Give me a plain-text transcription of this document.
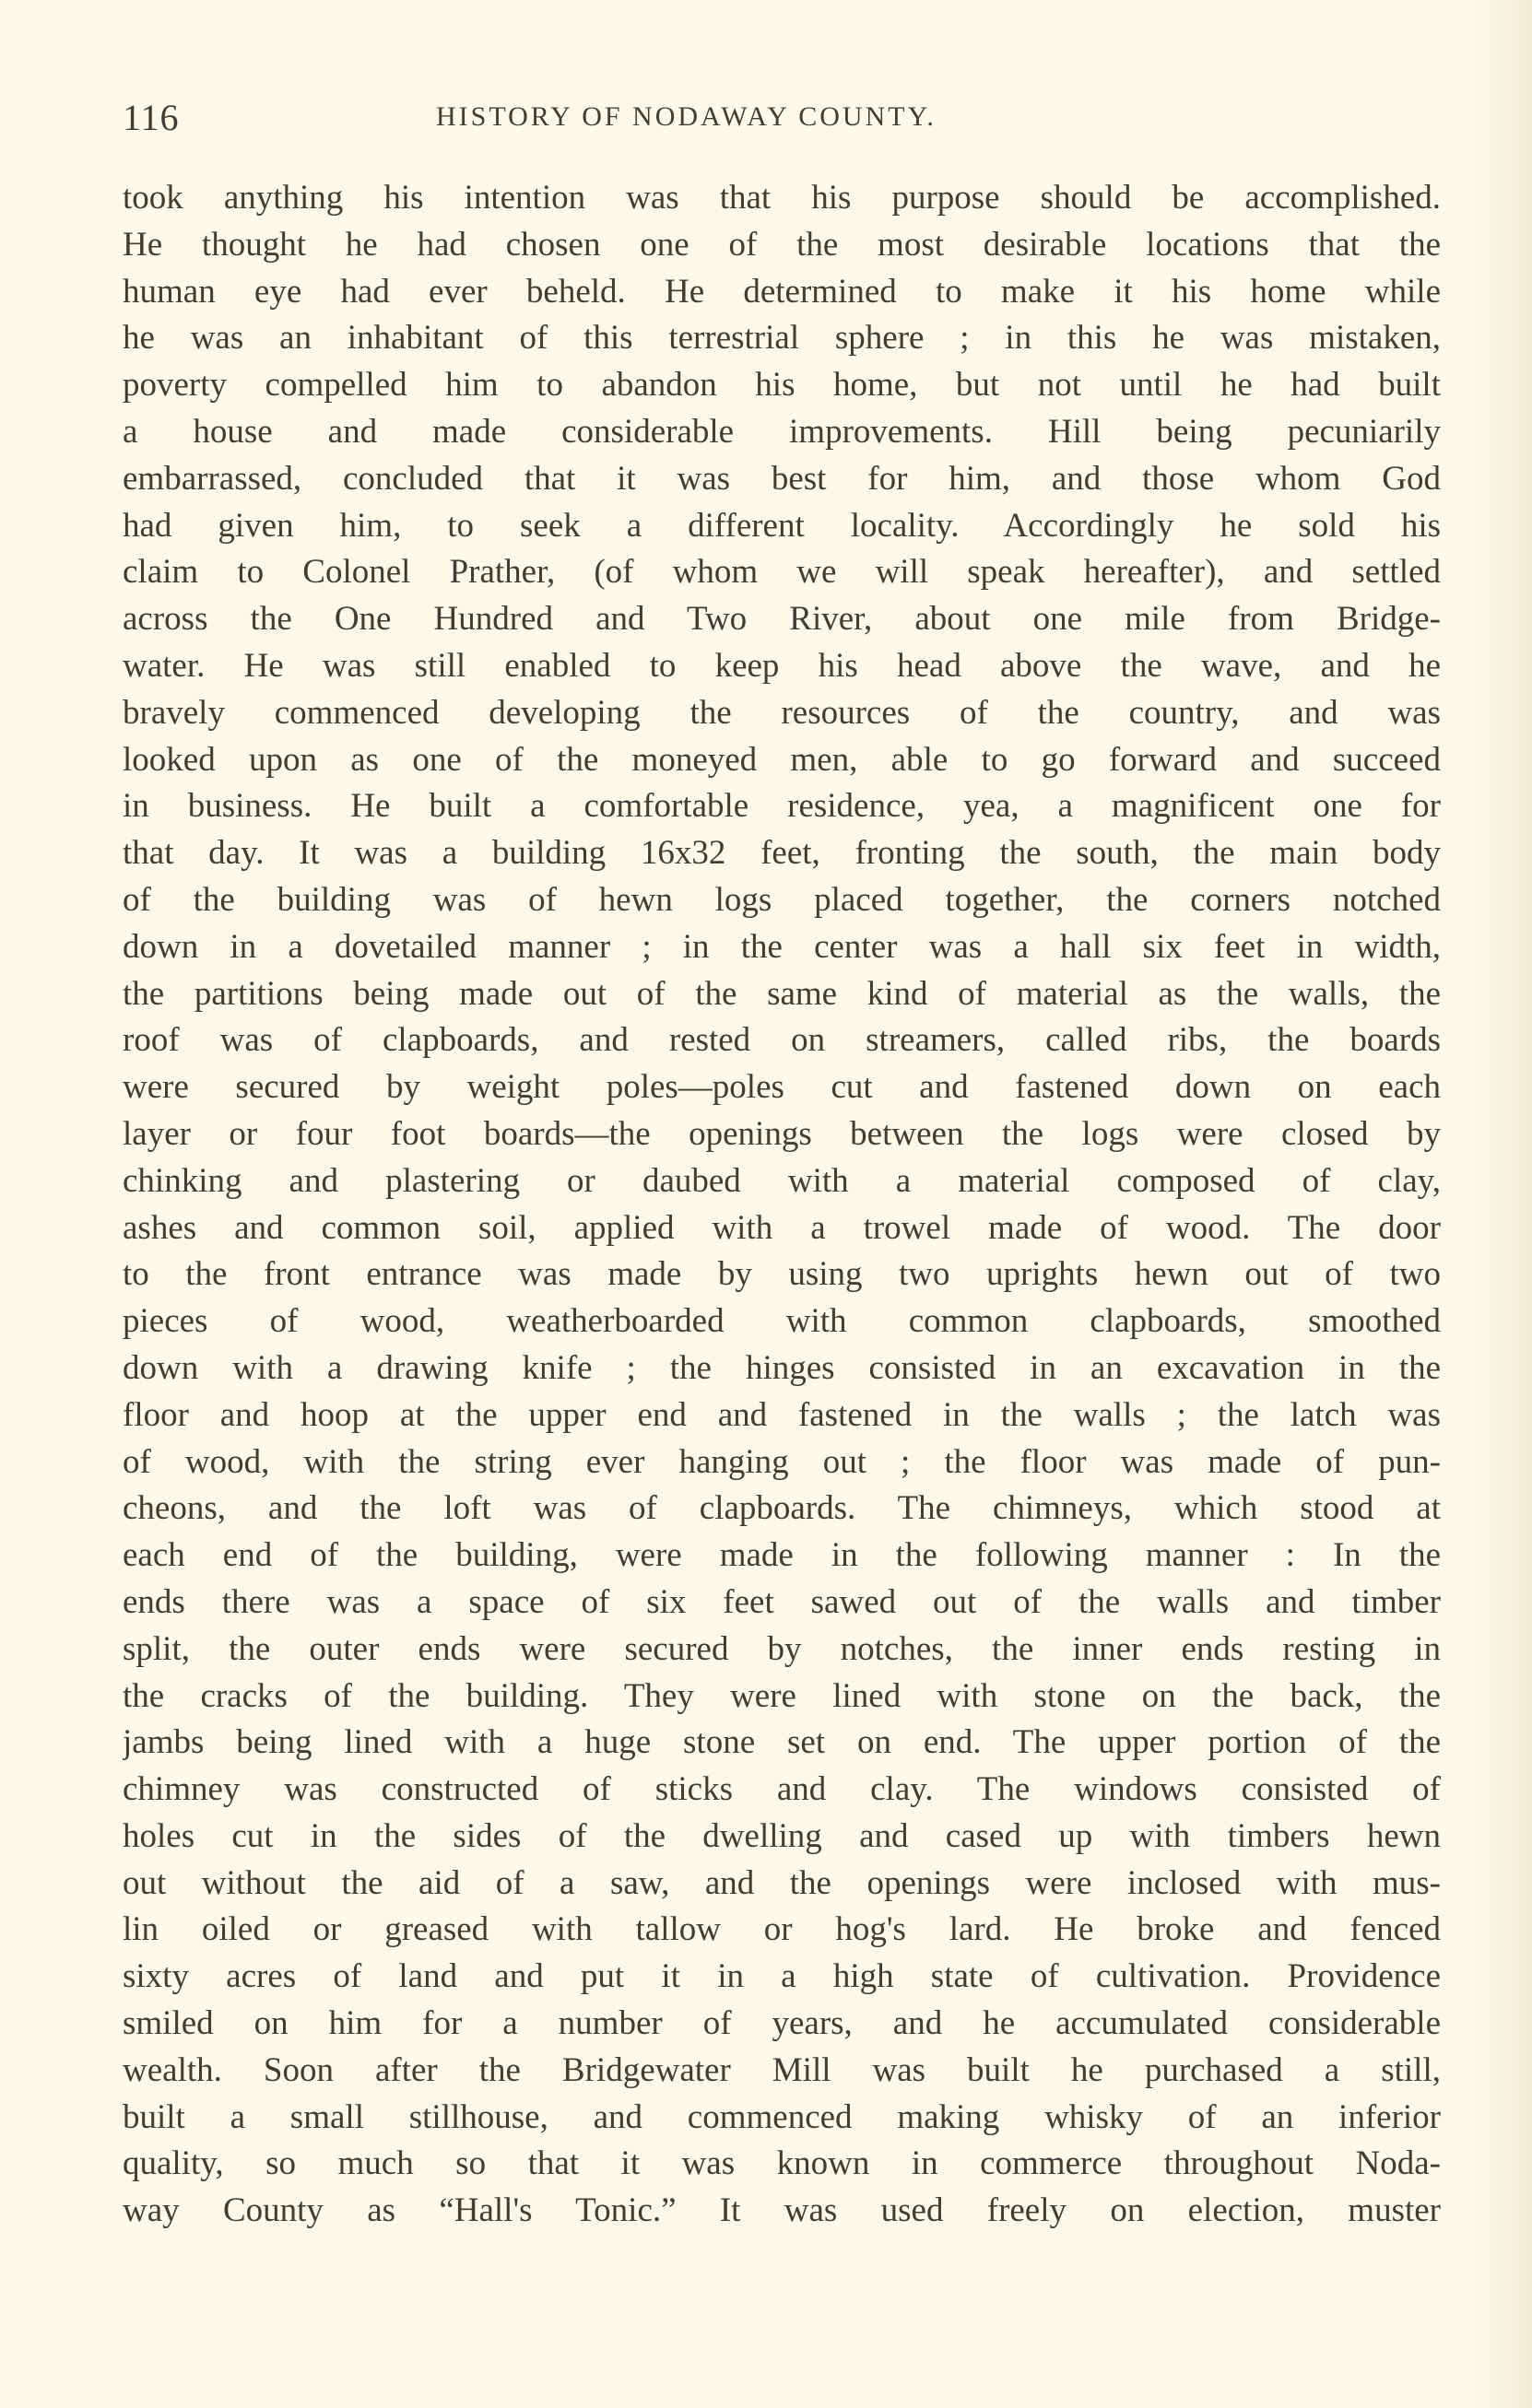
116	HISTORY OF NODAWAY COUNTY.
took anything his intention was that his purpose should be accomplished.
He thought he had chosen one of the most desirable locations that the
human eye had ever beheld. He determined to make it his home while
he was an inhabitant of this terrestrial sphere ; in this he was mistaken,
poverty compelled him to abandon his home, but not until he had built
a house and made considerable improvements. Hill being pecuniarily
embarrassed, concluded that it was best for him, and those whom God
had given him, to seek a different locality. Accordingly he sold his
claim to Colonel Prather, (of whom we will speak hereafter), and settled
across the One Hundred and Two River, about one mile from Bridge-
water. He was still enabled to keep his head above the wave, and he
bravely commenced developing the resources of the country, and was
looked upon as one of the moneyed men, able to go forward and succeed
in business. He built a comfortable residence, yea, a magnificent one for
that day. It was a building 16x32 feet, fronting the south, the main body
of the building was of hewn logs placed together, the corners notched
down in a dovetailed manner ; in the center was a hall six feet in width,
the partitions being made out of the same kind of material as the walls, the
roof was of clapboards, and rested on streamers, called ribs, the boards
were secured by weight poles—poles cut and fastened down on each
layer or four foot boards—the openings between the logs were closed by
chinking and plastering or daubed with a material composed of clay,
ashes and common soil, applied with a trowel made of wood. The door
to the front entrance was made by using two uprights hewn out of two
pieces of wood, weatherboarded with common clapboards, smoothed
down with a drawing knife ; the hinges consisted in an excavation in the
floor and hoop at the upper end and fastened in the walls ; the latch was
of wood, with the string ever hanging out ; the floor was made of pun-
cheons, and the loft was of clapboards. The chimneys, which stood at
each end of the building, were made in the following manner : In the
ends there was a space of six feet sawed out of the walls and timber
split, the outer ends were secured by notches, the inner ends resting in
the cracks of the building. They were lined with stone on the back, the
jambs being lined with a huge stone set on end. The upper portion of the
chimney was constructed of sticks and clay. The windows consisted of
holes cut in the sides of the dwelling and cased up with timbers hewn
out without the aid of a saw, and the openings were inclosed with mus-
lin oiled or greased with tallow or hog's lard. He broke and fenced
sixty acres of land and put it in a high state of cultivation. Providence
smiled on him for a number of years, and he accumulated considerable
wealth. Soon after the Bridgewater Mill was built he purchased a still,
built a small stillhouse, and commenced making whisky of an inferior
quality, so much so that it was known in commerce throughout Noda-
way County as “Hall's Tonic.” It was used freely on election, muster
